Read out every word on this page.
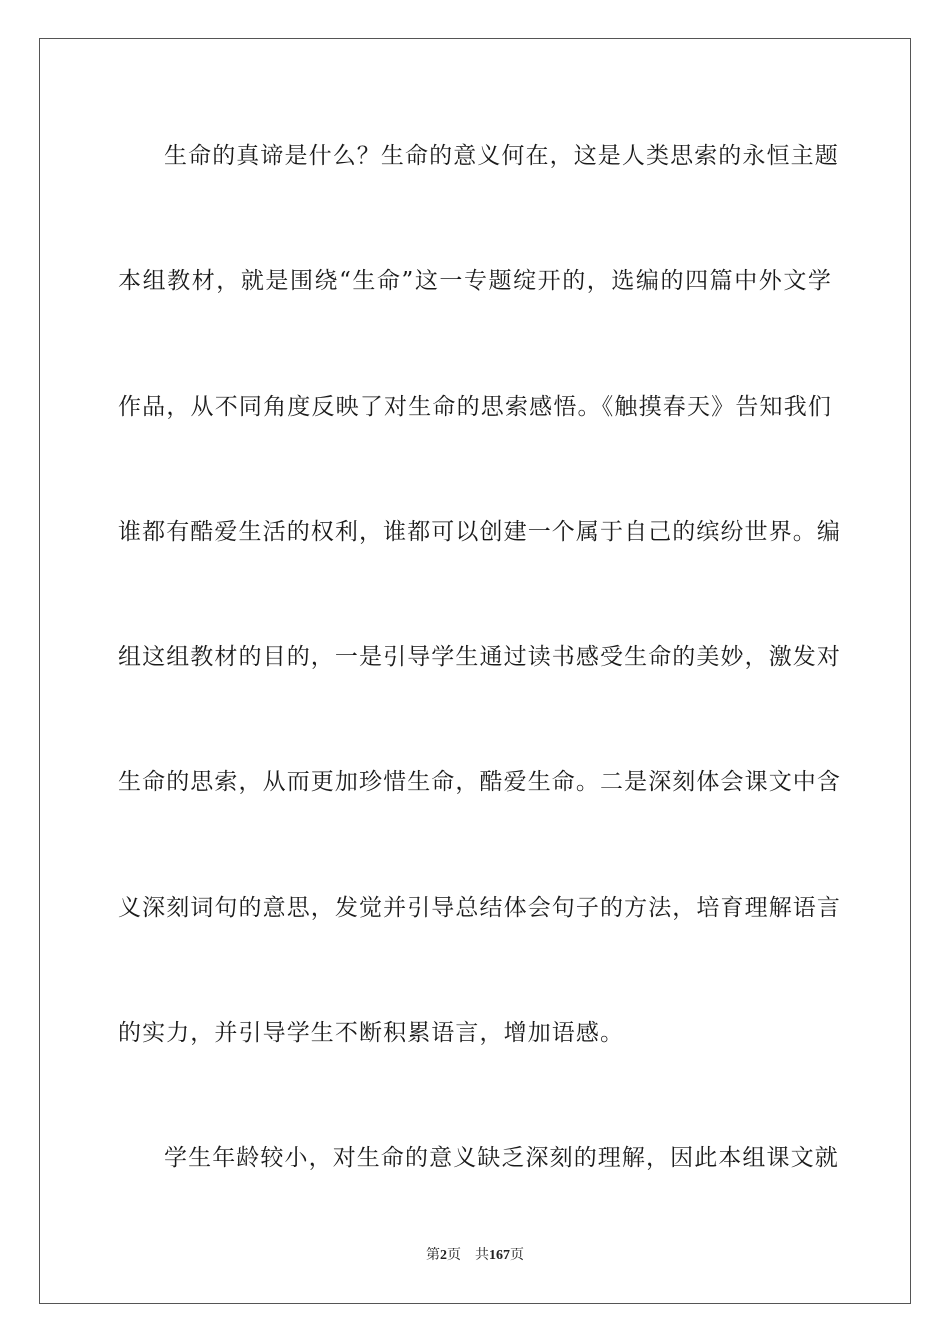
生命的真谛是什么？生命的意义何在，这是人类思索的永恒主题
本组教材，就是围绕“生命”这一专题绽开的，选编的四篇中外文学
作品，从不同角度反映了对生命的思索感悟。《触摸春天》告知我们
谁都有酷爱生活的权利，谁都可以创建一个属于自己的缤纷世界。编
组这组教材的目的，一是引导学生通过读书感受生命的美妙，激发对
生命的思索，从而更加珍惜生命，酷爱生命。二是深刻体会课文中含
义深刻词句的意思，发觉并引导总结体会句子的方法，培育理解语言
的实力，并引导学生不断积累语言，增加语感。
学生年龄较小，对生命的意义缺乏深刻的理解，因此本组课文就
第2页 共167页
